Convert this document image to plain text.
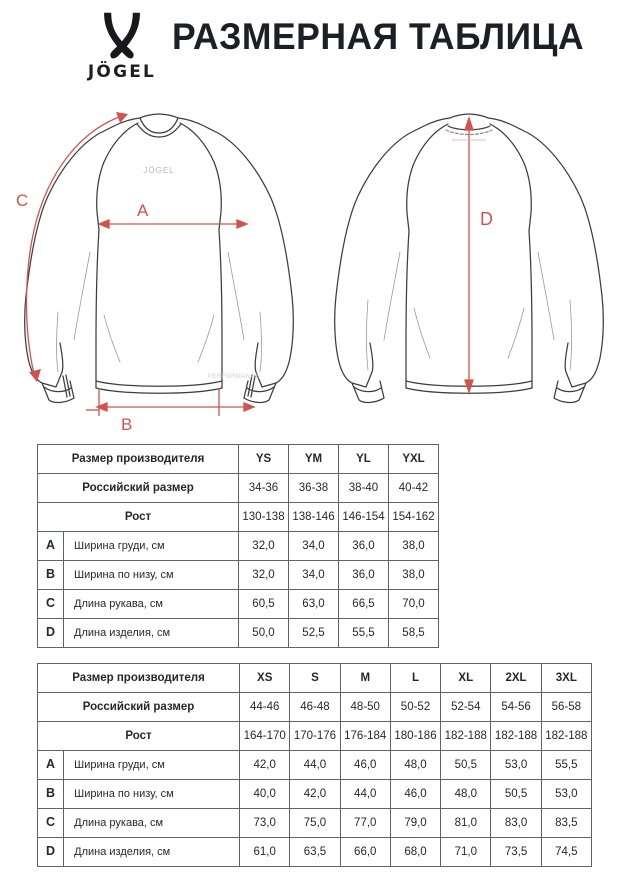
JÖGEL
РАЗМЕРНАЯ ТАБЛИЦА
JÖGEL
PERFORMANCE
A
B
C
D
Размер производителя		YS	YM	YL	YXL
Российский размер		34-36	36-38	38-40	40-42
Рост		130-138	138-146	146-154	154-162
A	Ширина груди, см	32,0	34,0	36,0	38,0
B	Ширина по низу, см	32,0	34,0	36,0	38,0
C	Длина рукава, см	60,5	63,0	66,5	70,0
D	Длина изделия, см	50,0	52,5	55,5	58,5
Размер производителя		XS	S	M	L	XL	2XL	3XL
Российский размер		44-46	46-48	48-50	50-52	52-54	54-56	56-58
Рост		164-170	170-176	176-184	180-186	182-188	182-188	182-188
A	Ширина груди, см	42,0	44,0	46,0	48,0	50,5	53,0	55,5
B	Ширина по низу, см	40,0	42,0	44,0	46,0	48,0	50,5	53,0
C	Длина рукава, см	73,0	75,0	77,0	79,0	81,0	83,0	83,5
D	Длина изделия, см	61,0	63,5	66,0	68,0	71,0	73,5	74,5
